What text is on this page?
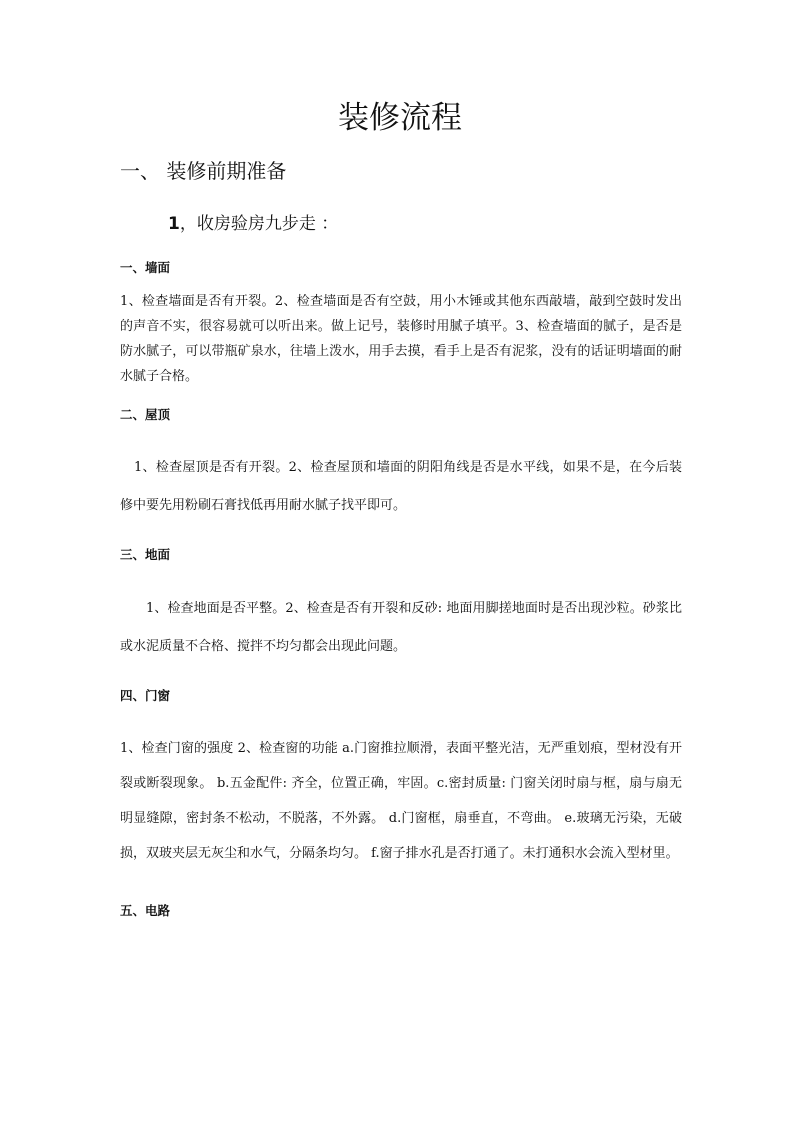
装修流程
一、 装修前期准备
1，收房验房九步走 ：
一、墙面

1、检查墙面是否有开裂。2、检查墙面是否有空鼓，用小木锤或其他东西敲墙，敲到空鼓时发出的声音不实，很容易就可以听出来。做上记号，装修时用腻子填平。3、检查墙面的腻子，是否是防水腻子，可以带瓶矿泉水，往墙上泼水，用手去摸，看手上是否有泥浆，没有的话证明墙面的耐水腻子合格。

二、屋顶

1、检查屋顶是否有开裂。2、检查屋顶和墙面的阴阳角线是否是水平线，如果不是，在今后装修中要先用粉刷石膏找低再用耐水腻子找平即可。

三、地面

1、检查地面是否平整。2、检查是否有开裂和反砂: 地面用脚搓地面时是否出现沙粒。砂浆比或水泥质量不合格、搅拌不均匀都会出现此问题。

四、门窗

1、检查门窗的强度 2、检查窗的功能 a.门窗推拉顺滑，表面平整光洁，无严重划痕，型材没有开裂或断裂现象。 b.五金配件: 齐全，位置正确，牢固。c.密封质量: 门窗关闭时扇与框，扇与扇无明显缝隙，密封条不松动，不脱落，不外露。 d.门窗框，扇垂直，不弯曲。 e.玻璃无污染，无破损，双玻夹层无灰尘和水气，分隔条均匀。 f.窗子排水孔是否打通了。未打通积水会流入型材里。

五、电路
